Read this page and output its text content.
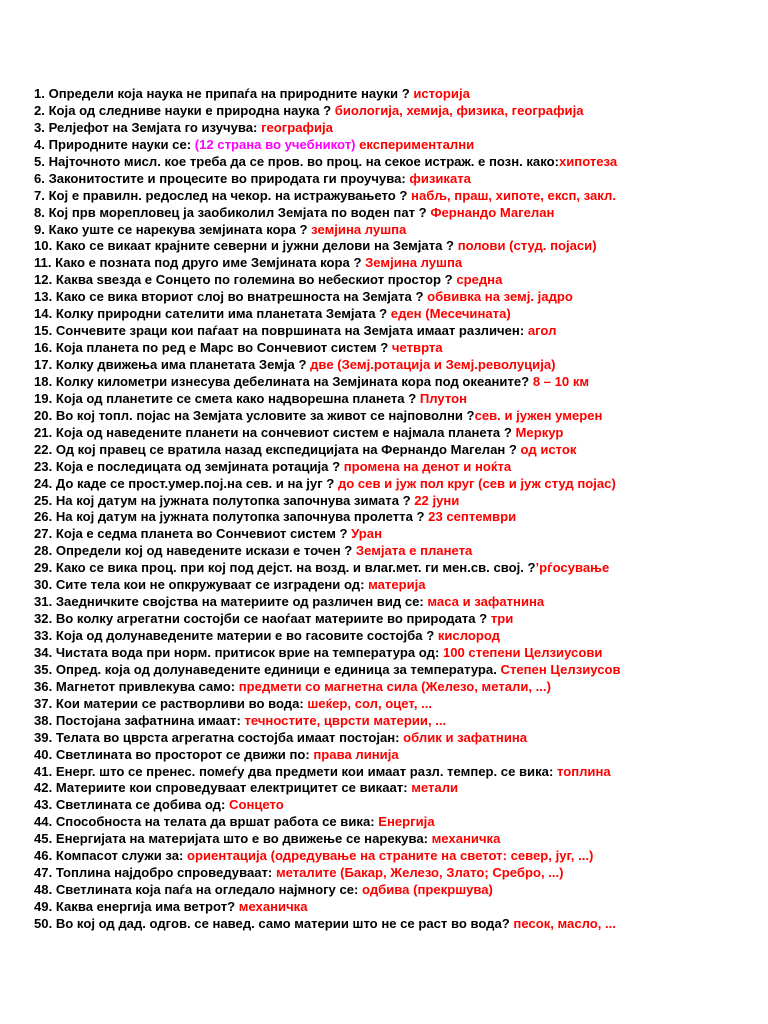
1. Определи која наука не припаѓа на природните науки ? историја
2. Која од следниве науки е природна наука ? биологија, хемија, физика, географија
3. Релјефот на Земјата го изучува: географија
4. Природните науки се: (12 страна во учебникот) експериментални
5. Најточното мисл. кое треба да се пров. во проц. на секое истраж. е позн. како:хипотеза
6. Законитостите и процесите во природата ги проучува: физиката
7. Кој е правилн. редослед на чекор. на истражувањето ? набљ, праш, хипоте, експ, закл.
8. Кој прв морепловец ја заобиколил Земјата по воден пат ? Фернандо Магелан
9. Како уште се нарекува земјината кора ? земјина лушпа
10. Како се викаат крајните северни и јужни делови на Земјата ? полови (студ. појаси)
11. Како е позната под друго име Земјината кора ? Земјина лушпа
12. Каква ѕвезда е Сонцето по големина во небескиот простор ? средна
13. Како се вика вториот слој во внатрешноста на Земјата ? обвивка на земј. јадро
14. Колку природни сателити има планетата Земјата ? еден (Месечината)
15. Сончевите зраци кои паѓаат на површината на Земјата имаат различен: агол
16. Која планета по ред е Марс во Сончевиот систем ? четврта
17. Колку движења има планетата Земја ? две (Земј.ротација и Земј.револуција)
18. Колку километри изнесува дебелината на Земјината кора под океаните? 8 – 10 км
19. Која од планетите се смета како надворешна планета ? Плутон
20. Во кој топл. појас на Земјата условите за живот се најповолни ?сев. и јужен умерен
21. Која од наведените планети на сончевиот систем е најмала планета ? Меркур
22. Од кој правец се вратила назад експедицијата на Фернандо Магелан ? од исток
23. Која е последицата од земјината ротација ? промена на денот и ноќта
24. До каде се прост.умер.пој.на сев. и на југ ? до сев и јуж пол круг (сев и јуж студ појас)
25. На кој датум на јужната полутопка започнува зимата ? 22 јуни
26. На кој датум на јужната полутопка започнува пролетта ? 23 септември
27. Која е седма планета во Сончевиот систем ? Уран
28. Определи кој од наведените искази е точен ? Земјата е планета
29. Како се вика проц. при кој под дејст. на возд. и влаг.мет. ги мен.св. свој. ?’рѓосување
30. Сите тела кои не опкружуваат се изградени од: материја
31. Заедничките својства на материите од различен вид се: маса и зафатнина
32. Во колку агрегатни состојби се наоѓаат материите во природата ? три
33. Која од долунаведените материи е во гасовите состојба ? кислород
34. Чистата вода при норм. притисок врие на температура од: 100 степени Целзиусови
35. Опред. која од долунаведените единици е единица за температура. Степен Целзиусов
36. Магнетот привлекува само: предмети со магнетна сила (Железо, метали, ...)
37. Кои материи се растворливи во вода: шеќер, сол, оцет, ...
38. Постојана зафатнина имаат: течностите, цврсти материи, ...
39. Телата во цврста агрегатна состојба имаат постојан: облик и зафатнина
40. Светлината во просторот се движи по: права линија
41. Енерг. што се пренес. помеѓу два предмети кои имаат разл. темпер. се вика: топлина
42. Материите кои спроведуваат електрицитет се викаат: метали
43. Светлината се добива од: Сонцето
44. Способноста на телата да вршат работа се вика: Енергија
45. Енергијата на материјата што е во движење се нарекува: механичка
46. Компасот служи за: ориентација (одредување на страните на светот: север, југ, ...)
47. Топлина најдобро спроведуваат: металите (Бакар, Железо, Злато; Сребро, ...)
48. Светлината која паѓа на огледало најмногу се: одбива (прекршува)
49. Каква енергија има ветрот? механичка
50. Во кој од дад. одгов. се навед. само материи што не се раст во вода? песок, масло, ...
